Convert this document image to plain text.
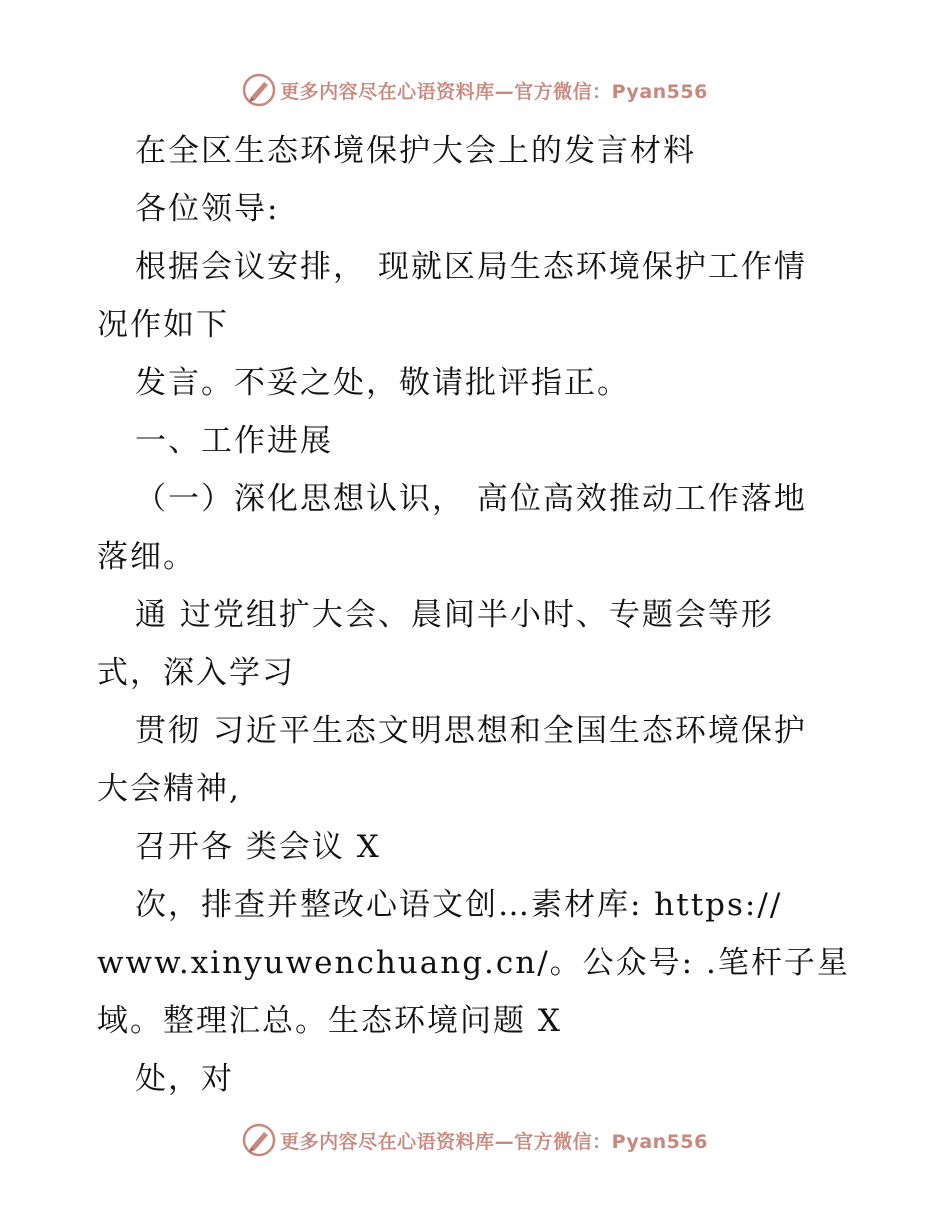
更多内容尽在心语资料库—官方微信：Pyan556
在全区生态环境保护大会上的发言材料
各位领导:
根据会议安排， 现就区局生态环境保护工作情
况作如下
发言。不妥之处，敬请批评指正。
一、工作进展
（一）深化思想认识， 高位高效推动工作落地
落细。
通 过党组扩大会、晨间半小时、专题会等形
式，深入学习
贯彻 习近平生态文明思想和全国生态环境保护
大会精神,
召开各 类会议 X
次，排查并整改心语文创…素材库: https://
www.xinyuwenchuang.cn/。公众号: .笔杆子星
域。整理汇总。生态环境问题 X
处，对
更多内容尽在心语资料库—官方微信：Pyan556
